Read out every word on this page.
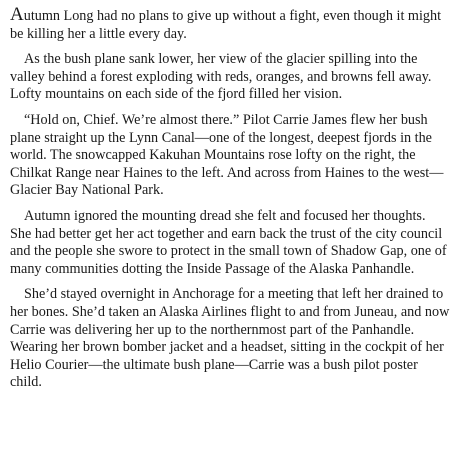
Autumn Long had no plans to give up without a fight, even though it might be killing her a little every day.

As the bush plane sank lower, her view of the glacier spilling into the valley behind a forest exploding with reds, oranges, and browns fell away. Lofty mountains on each side of the fjord filled her vision.

“Hold on, Chief. We’re almost there.” Pilot Carrie James flew her bush plane straight up the Lynn Canal—one of the longest, deepest fjords in the world. The snowcapped Kakuhan Mountains rose lofty on the right, the Chilkat Range near Haines to the left. And across from Haines to the west—Glacier Bay National Park.

Autumn ignored the mounting dread she felt and focused her thoughts. She had better get her act together and earn back the trust of the city council and the people she swore to protect in the small town of Shadow Gap, one of many communities dotting the Inside Passage of the Alaska Panhandle.

She’d stayed overnight in Anchorage for a meeting that left her drained to her bones. She’d taken an Alaska Airlines flight to and from Juneau, and now Carrie was delivering her up to the northernmost part of the Panhandle. Wearing her brown bomber jacket and a headset, sitting in the cockpit of her Helio Courier—the ultimate bush plane—Carrie was a bush pilot poster child.
